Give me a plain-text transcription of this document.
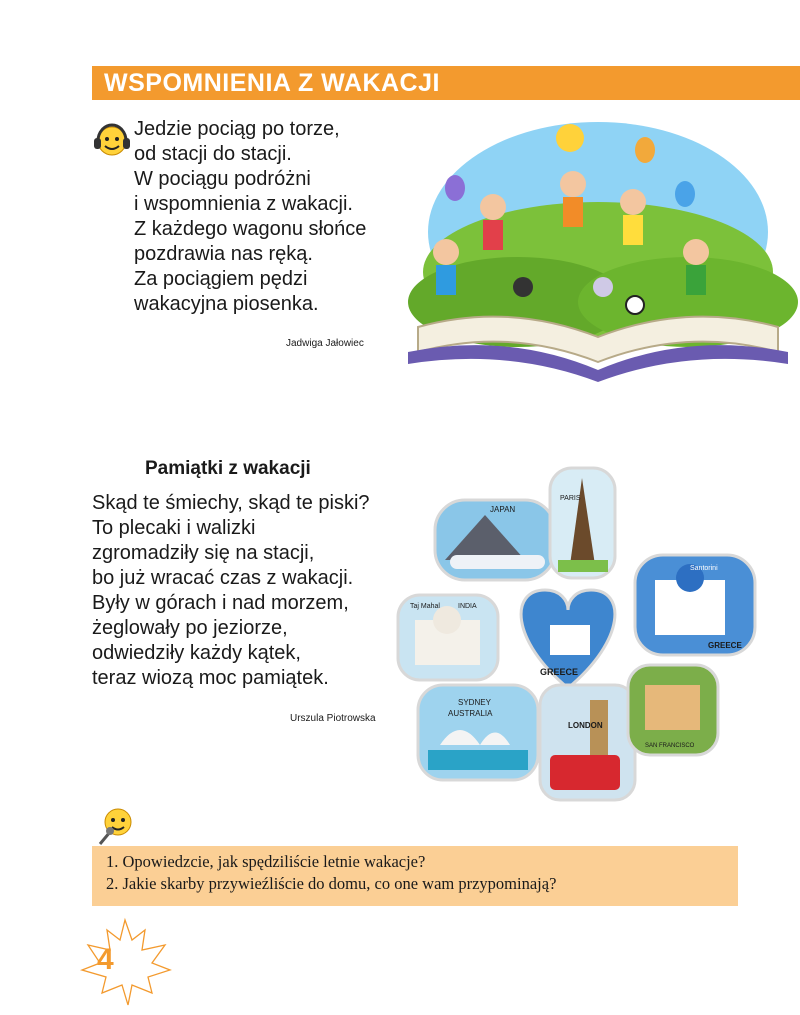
WSPOMNIENIA Z WAKACJI
Jedzie pociąg po torze,
od stacji do stacji.
W pociągu podróżni
i wspomnienia z wakacji.
Z każdego wagonu słońce
pozdrawia nas ręką.
Za pociągiem pędzi
wakacyjna piosenka.
Jadwiga Jałowiec
Pamiątki z wakacji
Skąd te śmiechy, skąd te piski?
To plecaki i walizki
zgromadziły się na stacji,
bo już wracać czas z wakacji.
Były w górach i nad morzem,
żeglowały po jeziorze,
odwiedziły każdy kątek,
teraz wiozą moc pamiątek.
Urszula Piotrowska
JAPAN
PARIS
Santorini
GREECE
Taj Mahal	INDIA
GREECE
SYDNEY
AUSTRALIA
LONDON
SAN FRANCISCO
1. Opowiedzcie, jak spędziliście letnie wakacje?
2. Jakie skarby przywieźliście do domu, co one wam przypominają?
4
